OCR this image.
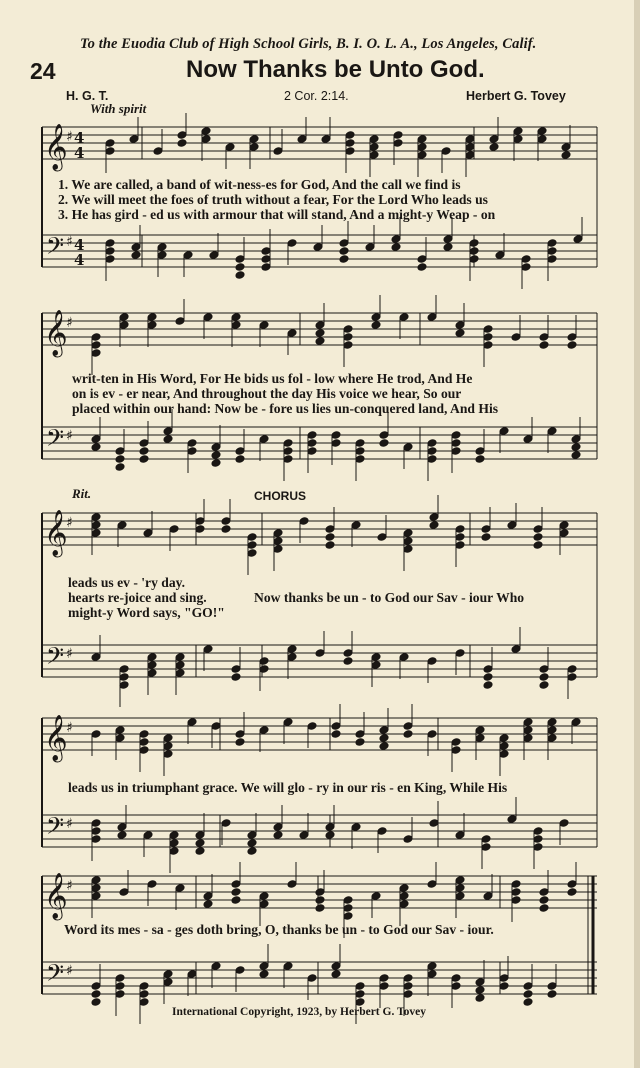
To the Euodia Club of High School Girls, B. I. O. L. A., Los Angeles, Calif.
24	Now Thanks be Unto God.
H. G. T.
With spirit
2 Cor. 2:14.	Herbert G. Tovey
𝄞
𝄢
♯
♯
4
4
4
4
𝄞
𝄢
♯
♯
𝄞
𝄢
♯
♯
𝄞
𝄢
♯
♯
𝄞
𝄢
♯
♯
1. We are called, a band of wit-ness-es for God, And the call we find is
2. We will meet the foes of truth without a fear, For the Lord Who leads us
3. He has gird - ed us with armour that will stand, And a might-y Weap - on
writ-ten in His Word, For He bids us fol - low where He trod, And He
on is ev - er near, And throughout the day His voice we hear, So our
placed within our hand: Now be - fore us lies un-conquered land, And His
Rit.	CHORUS
leads us ev - 'ry day.
hearts re-joice and sing.
might-y Word says, "GO!"
Now thanks be un - to God our Sav - iour Who
leads us in triumphant grace. We will glo - ry in our ris - en King, While His
Word its mes - sa - ges doth bring, O, thanks be un - to God our Sav - iour.
International Copyright, 1923, by Herbert G. Tovey
